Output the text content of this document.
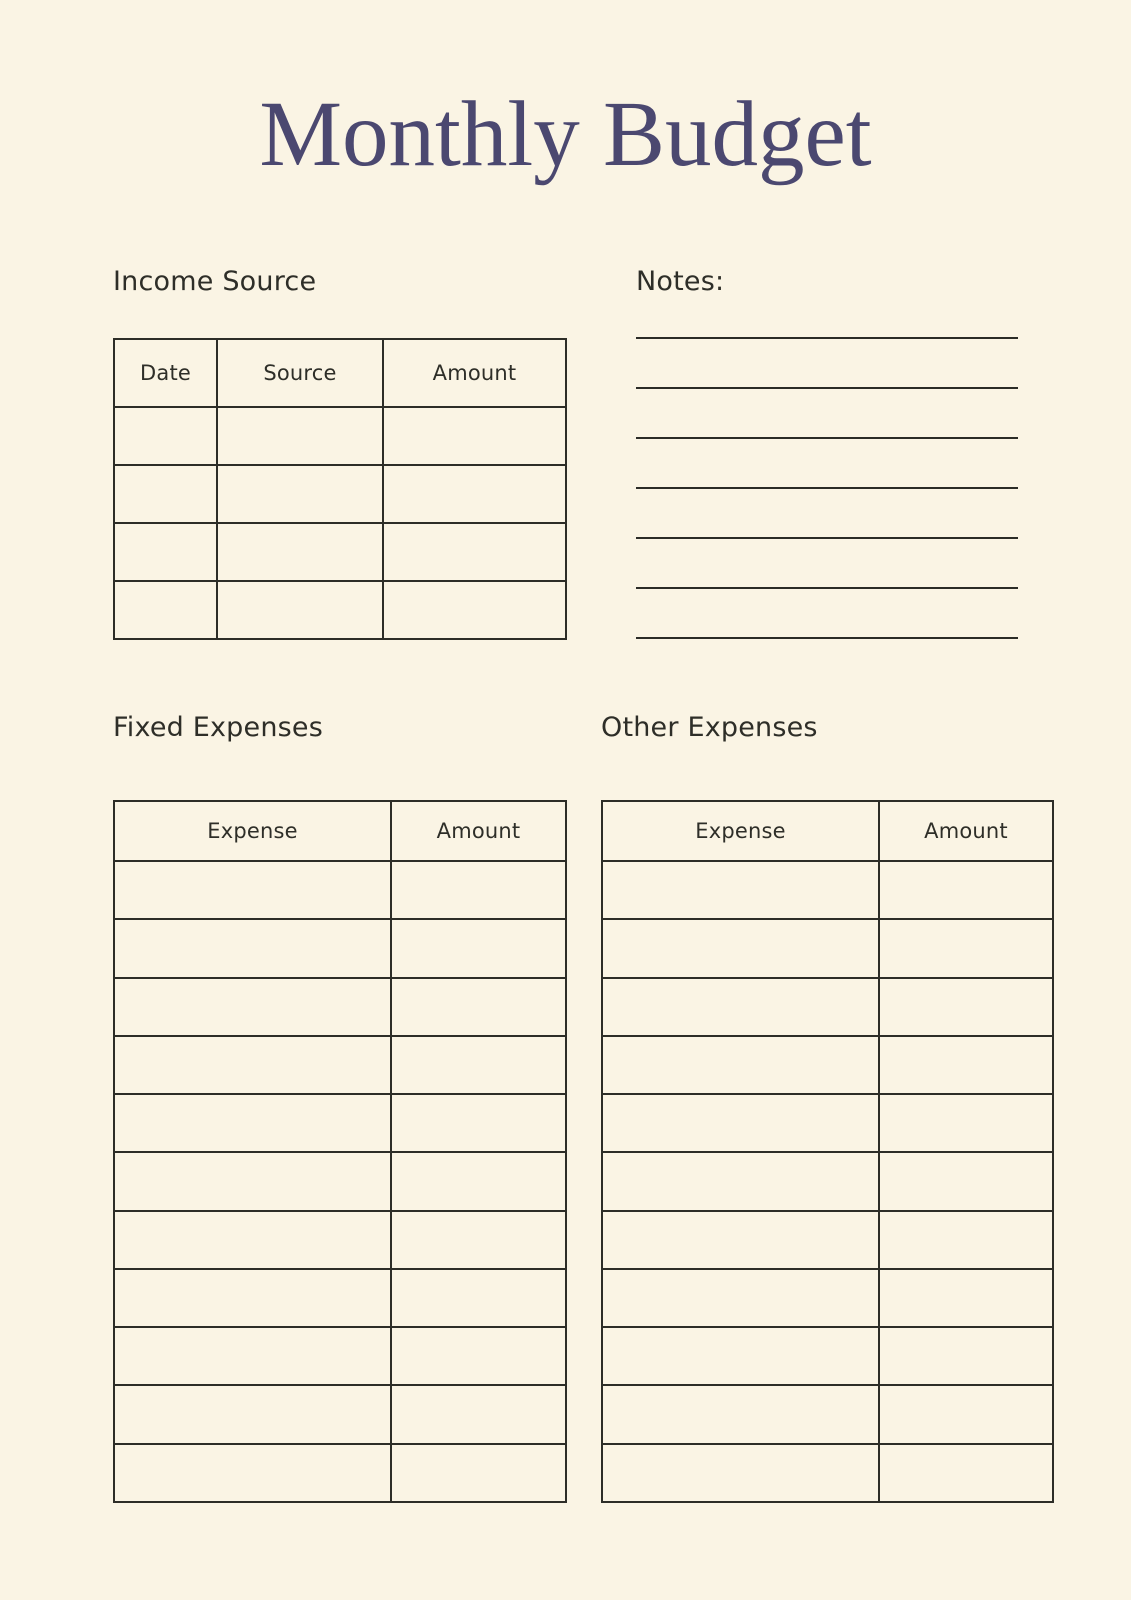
Monthly Budget
Income Source
Date	Source	Amount

Notes:
Fixed Expenses
Expense	Amount

Other Expenses
Expense	Amount
